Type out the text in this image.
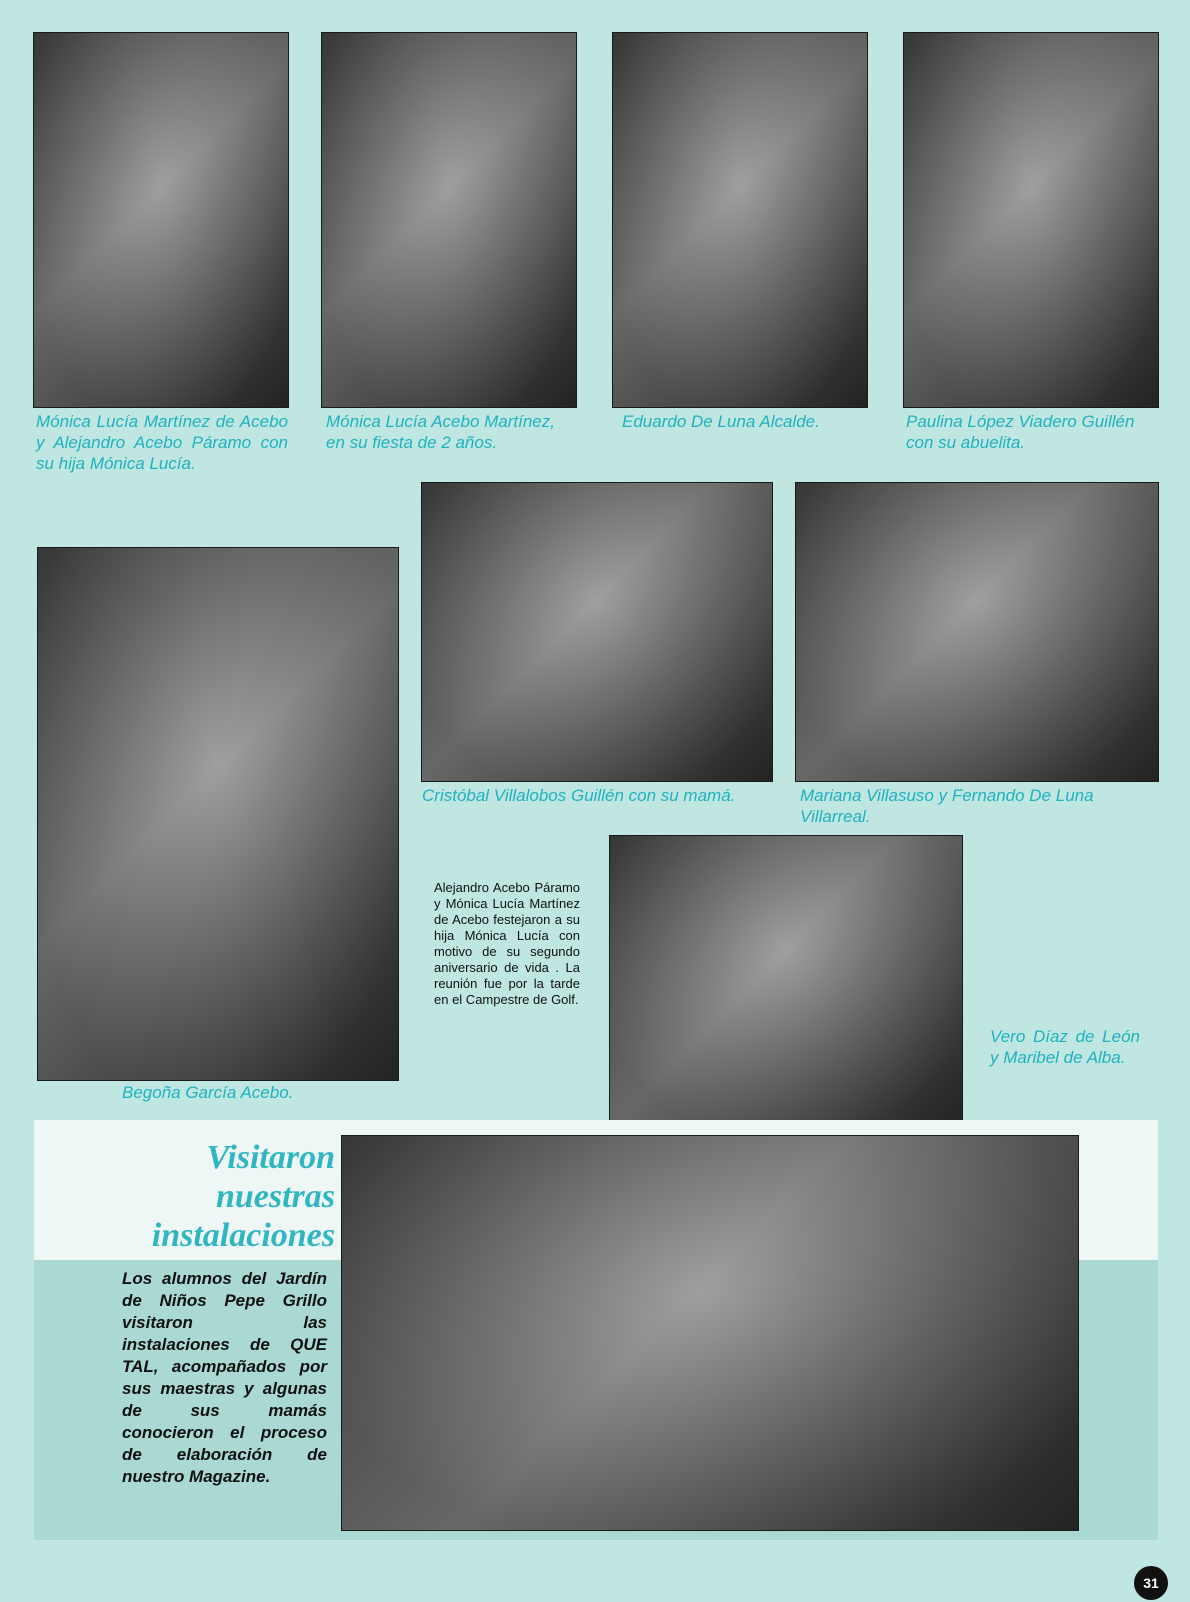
Mónica Lucía Martínez de Acebo y Alejandro Acebo Páramo con su hija Mónica Lucía.

Mónica Lucía Acebo Martínez, en su fiesta de 2 años.

Eduardo De Luna Alcalde.	Paulina López Viadero Guillén con su abuelita.

Begoña García Acebo.

Cristóbal Villalobos Guillén con su mamá.	Mariana Villasuso y Fernando De Luna Villarreal.

Alejandro Acebo Páramo y Mónica Lucía Martínez de Acebo festejaron a su hija Mónica Lucía con motivo de su segundo aniversario de vida . La reunión fue por la tarde en el Campestre de Golf.

Vero Díaz de León y Maribel de Alba.

Visitaron nuestras instalaciones

Los alumnos del Jardín de Niños Pepe Grillo visitaron las instalaciones de QUE TAL, acompañados por sus maestras y algunas de sus mamás conocieron el proceso de elaboración de nuestro Magazine.

31
